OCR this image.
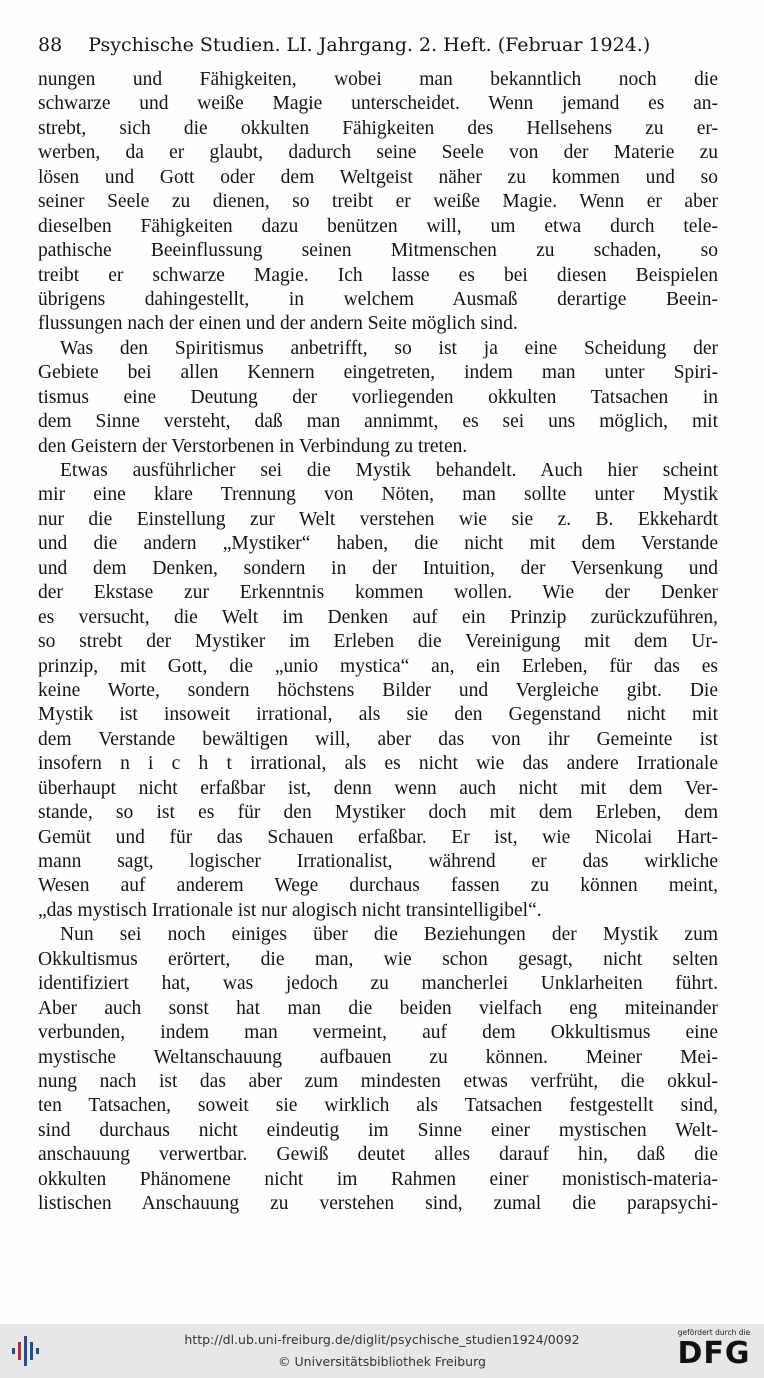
88 Psychische Studien. LI. Jahrgang. 2. Heft. (Februar 1924.)
nungen und Fähigkeiten, wobei man bekanntlich noch die
schwarze und weiße Magie unterscheidet. Wenn jemand es an-
strebt, sich die okkulten Fähigkeiten des Hellsehens zu er-
werben, da er glaubt, dadurch seine Seele von der Materie zu
lösen und Gott oder dem Weltgeist näher zu kommen und so
seiner Seele zu dienen, so treibt er weiße Magie. Wenn er aber
dieselben Fähigkeiten dazu benützen will, um etwa durch tele-
pathische Beeinflussung seinen Mitmenschen zu schaden, so
treibt er schwarze Magie. Ich lasse es bei diesen Beispielen
übrigens dahingestellt, in welchem Ausmaß derartige Beein-
flussungen nach der einen und der andern Seite möglich sind.
Was den Spiritismus anbetrifft, so ist ja eine Scheidung der
Gebiete bei allen Kennern eingetreten, indem man unter Spiri-
tismus eine Deutung der vorliegenden okkulten Tatsachen in
dem Sinne versteht, daß man annimmt, es sei uns möglich, mit
den Geistern der Verstorbenen in Verbindung zu treten.
Etwas ausführlicher sei die Mystik behandelt. Auch hier scheint
mir eine klare Trennung von Nöten, man sollte unter Mystik
nur die Einstellung zur Welt verstehen wie sie z. B. Ekkehardt
und die andern „Mystiker“ haben, die nicht mit dem Verstande
und dem Denken, sondern in der Intuition, der Versenkung und
der Ekstase zur Erkenntnis kommen wollen. Wie der Denker
es versucht, die Welt im Denken auf ein Prinzip zurückzuführen,
so strebt der Mystiker im Erleben die Vereinigung mit dem Ur-
prinzip, mit Gott, die „unio mystica“ an, ein Erleben, für das es
keine Worte, sondern höchstens Bilder und Vergleiche gibt. Die
Mystik ist insoweit irrational, als sie den Gegenstand nicht mit
dem Verstande bewältigen will, aber das von ihr Gemeinte ist
insofern n i c h t irrational, als es nicht wie das andere Irrationale
überhaupt nicht erfaßbar ist, denn wenn auch nicht mit dem Ver-
stande, so ist es für den Mystiker doch mit dem Erleben, dem
Gemüt und für das Schauen erfaßbar. Er ist, wie Nicolai Hart-
mann sagt, logischer Irrationalist, während er das wirkliche
Wesen auf anderem Wege durchaus fassen zu können meint,
„das mystisch Irrationale ist nur alogisch nicht transintelligibel“.
Nun sei noch einiges über die Beziehungen der Mystik zum
Okkultismus erörtert, die man, wie schon gesagt, nicht selten
identifiziert hat, was jedoch zu mancherlei Unklarheiten führt.
Aber auch sonst hat man die beiden vielfach eng miteinander
verbunden, indem man vermeint, auf dem Okkultismus eine
mystische Weltanschauung aufbauen zu können. Meiner Mei-
nung nach ist das aber zum mindesten etwas verfrüht, die okkul-
ten Tatsachen, soweit sie wirklich als Tatsachen festgestellt sind,
sind durchaus nicht eindeutig im Sinne einer mystischen Welt-
anschauung verwertbar. Gewiß deutet alles darauf hin, daß die
okkulten Phänomene nicht im Rahmen einer monistisch-materia-
listischen Anschauung zu verstehen sind, zumal die parapsychi-
http://dl.ub.uni-freiburg.de/diglit/psychische_studien1924/0092
© Universitätsbibliothek Freiburg
gefördert durch die
DFG
